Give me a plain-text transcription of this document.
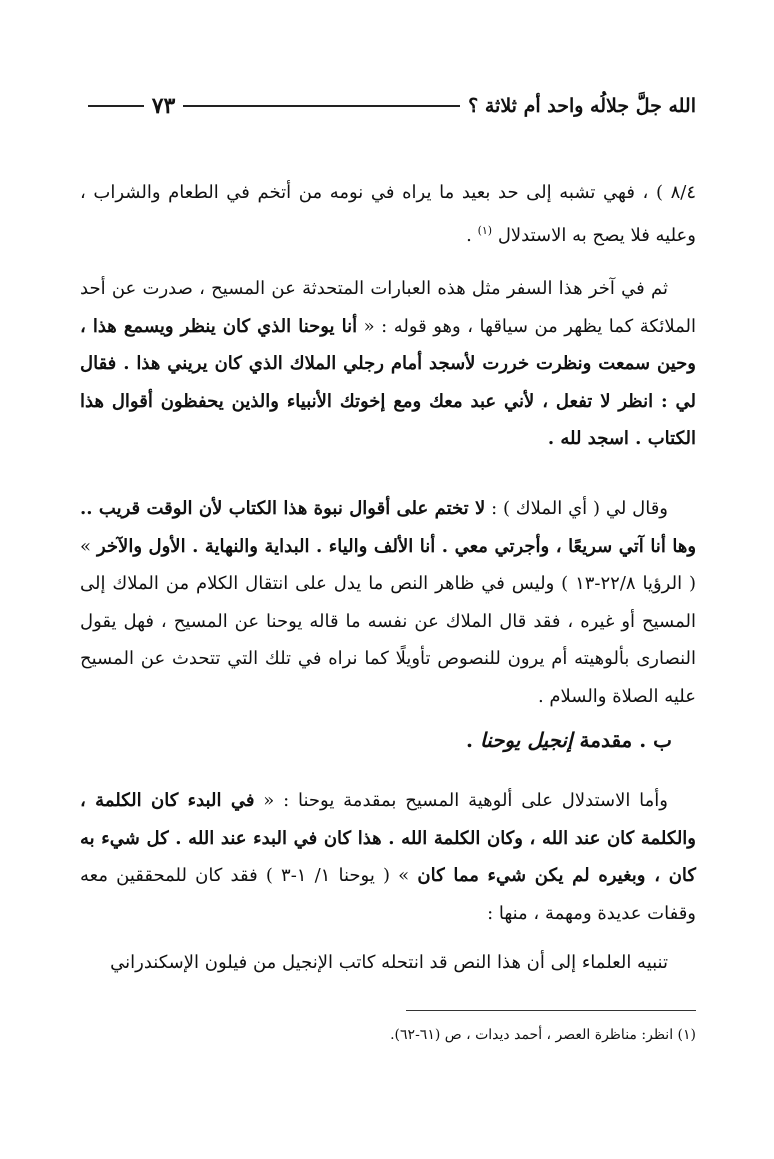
الله جلَّ جلالُه واحد أم ثلاثة ؟
٧٣
٨/٤ ) ، فهي تشبه إلى حد بعيد ما يراه في نومه من أتخم في الطعام والشراب ، وعليه فلا يصح به الاستدلال $^{(١)}$ .
ثم في آخر هذا السفر مثل هذه العبارات المتحدثة عن المسيح ، صدرت عن أحد الملائكة كما يظهر من سياقها ، وهو قوله : « أنا يوحنا الذي كان ينظر ويسمع هذا ، وحين سمعت ونظرت خررت لأسجد أمام رجلي الملاك الذي كان يريني هذا . فقال لي : انظر لا تفعل ، لأني عبد معك ومع إخوتك الأنبياء والذين يحفظون أقوال هذا الكتاب . اسجد لله .
وقال لي ( أي الملاك ) : لا تختم على أقوال نبوة هذا الكتاب لأن الوقت قريب .. وها أنا آتي سريعًا ، وأجرتي معي . أنا الألف والياء . البداية والنهاية . الأول والآخر » ( الرؤيا ٢٢/٨-١٣ ) وليس في ظاهر النص ما يدل على انتقال الكلام من الملاك إلى المسيح أو غيره ، فقد قال الملاك عن نفسه ما قاله يوحنا عن المسيح ، فهل يقول النصارى بألوهيته أم يرون للنصوص تأويلًا كما نراه في تلك التي تتحدث عن المسيح عليه الصلاة والسلام .
ب . مقدمة إنجيل يوحنا .
وأما الاستدلال على ألوهية المسيح بمقدمة يوحنا : « في البدء كان الكلمة ، والكلمة كان عند الله ، وكان الكلمة الله . هذا كان في البدء عند الله . كل شيء به كان ، وبغيره لم يكن شيء مما كان » ( يوحنا ١/ ١-٣ ) فقد كان للمحققين معه وقفات عديدة ومهمة ، منها :
تنبيه العلماء إلى أن هذا النص قد انتحله كاتب الإنجيل من فيلون الإسكندراني
(١) انظر: مناظرة العصر ، أحمد ديدات ، ص (٦١-٦٢).
